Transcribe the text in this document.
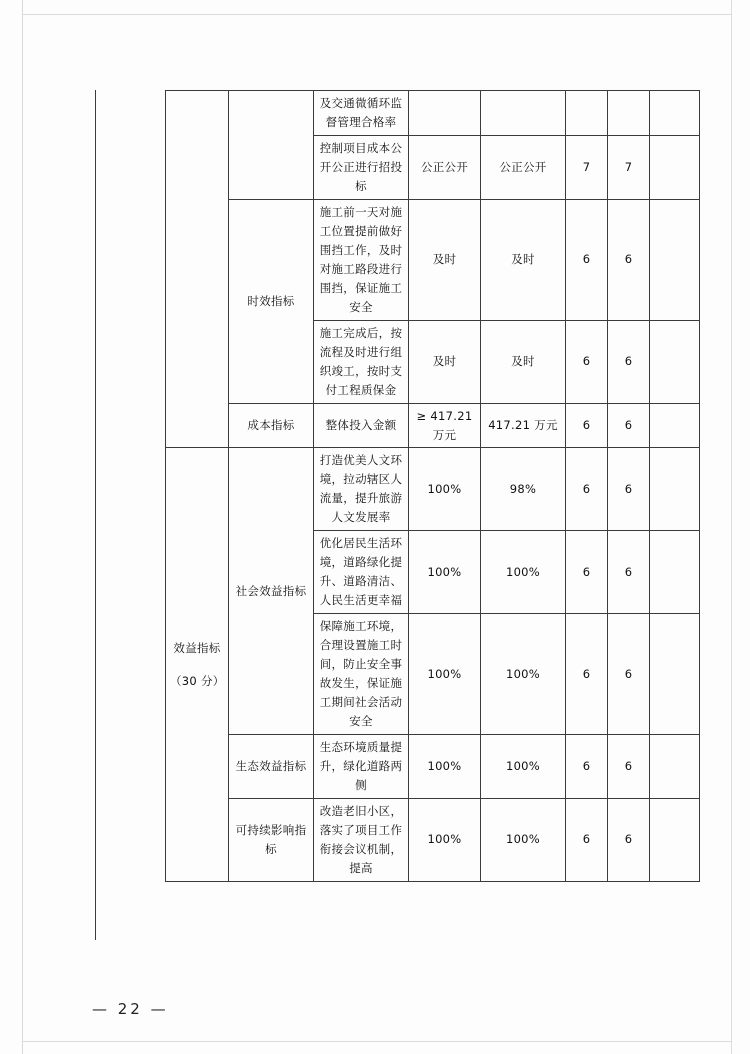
		及交通微循环监督管理合格率					
		控制项目成本公开公正进行招投标	公正公开	公正公开	7	7	
	时效指标	施工前一天对施工位置提前做好围挡工作，及时对施工路段进行围挡，保证施工安全	及时	及时	6	6	
		施工完成后，按流程及时进行组织竣工，按时支付工程质保金	及时	及时	6	6	
	成本指标	整体投入金额	≥ 417.21 万元	417.21 万元	6	6	

效益指标
（30 分）	社会效益指标	打造优美人文环境，拉动辖区人流量，提升旅游人文发展率	100%	98%	6	6	
		优化居民生活环境，道路绿化提升、道路清洁、人民生活更幸福	100%	100%	6	6	
		保障施工环境，合理设置施工时间，防止安全事故发生，保证施工期间社会活动安全	100%	100%	6	6	
	生态效益指标	生态环境质量提升，绿化道路两侧	100%	100%	6	6	
	可持续影响指标	改造老旧小区，落实了项目工作衔接会议机制，提高	100%	100%	6	6	
— 22 —
